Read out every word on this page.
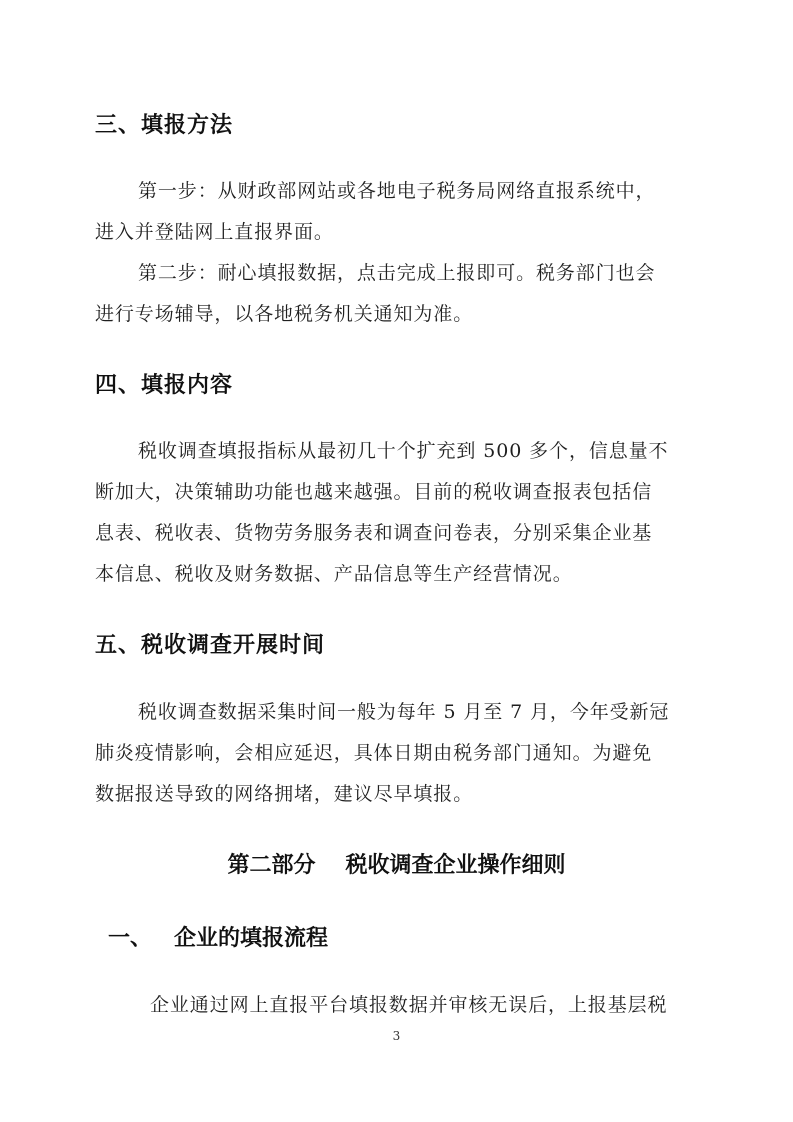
三、填报方法
第一步：从财政部网站或各地电子税务局网络直报系统中，
进入并登陆网上直报界面。
第二步：耐心填报数据，点击完成上报即可。税务部门也会
进行专场辅导，以各地税务机关通知为准。
四、填报内容
税收调查填报指标从最初几十个扩充到 500 多个，信息量不
断加大，决策辅助功能也越来越强。目前的税收调查报表包括信
息表、税收表、货物劳务服务表和调查问卷表，分别采集企业基
本信息、税收及财务数据、产品信息等生产经营情况。
五、税收调查开展时间
税收调查数据采集时间一般为每年 5 月至 7 月，今年受新冠
肺炎疫情影响，会相应延迟，具体日期由税务部门通知。为避免
数据报送导致的网络拥堵，建议尽早填报。
第二部分 税收调查企业操作细则
一、 企业的填报流程
企业通过网上直报平台填报数据并审核无误后，上报基层税
3
